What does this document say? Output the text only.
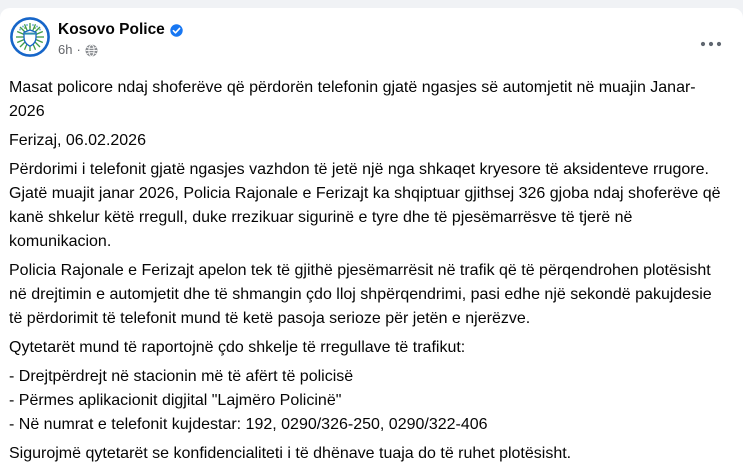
Kosovo Police
6h ·

Masat policore ndaj shoferëve që përdorën telefonin gjatë ngasjes së automjetit në muajin Janar-2026

Ferizaj, 06.02.2026

Përdorimi i telefonit gjatë ngasjes vazhdon të jetë një nga shkaqet kryesore të aksidenteve rrugore. Gjatë muajit janar 2026, Policia Rajonale e Ferizajt ka shqiptuar gjithsej 326 gjoba ndaj shoferëve që kanë shkelur këtë rregull, duke rrezikuar sigurinë e tyre dhe të pjesëmarrësve të tjerë në komunikacion.

Policia Rajonale e Ferizajt apelon tek të gjithë pjesëmarrësit në trafik që të përqendrohen plotësisht në drejtimin e automjetit dhe të shmangin çdo lloj shpërqendrimi, pasi edhe një sekondë pakujdesie të përdorimit të telefonit mund të ketë pasoja serioze për jetën e njerëzve.

Qytetarët mund të raportojnë çdo shkelje të rregullave të trafikut:

- Drejtpërdrejt në stacionin më të afërt të policisë
- Përmes aplikacionit digjital "Lajmëro Policinë"
- Në numrat e telefonit kujdestar: 192, 0290/326-250, 0290/322-406

Sigurojmë qytetarët se konfidencialiteti i të dhënave tuaja do të ruhet plotësisht.
